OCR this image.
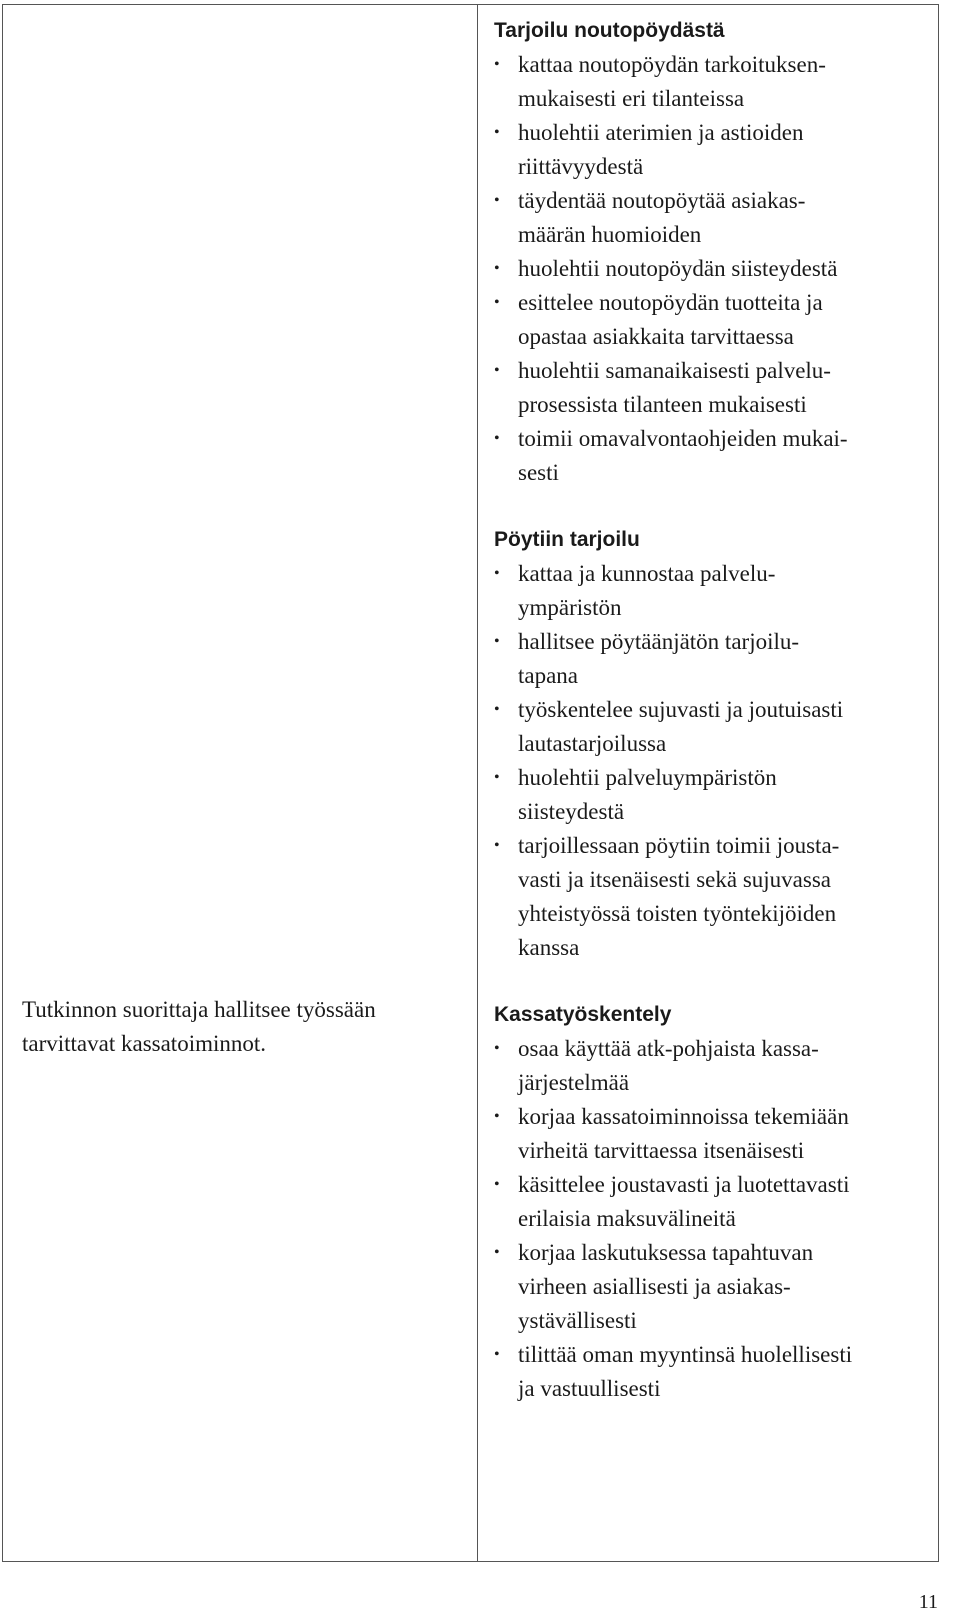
Tutkinnon suorittaja hallitsee työssään tarvittavat kassatoiminnot.
Tarjoilu noutopöydästä
• kattaa noutopöydän tarkoituksen-
mukaisesti eri tilanteissa
• huolehtii aterimien ja astioiden
riittävyydestä
• täydentää noutopöytää asiakas-
määrän huomioiden
• huolehtii noutopöydän siisteydestä
• esittelee noutopöydän tuotteita ja
opastaa asiakkaita tarvittaessa
• huolehtii samanaikaisesti palvelu-
prosessista tilanteen mukaisesti
• toimii omavalvontaohjeiden mukai-
sesti
Pöytiin tarjoilu
• kattaa ja kunnostaa palvelu-
ympäristön
• hallitsee pöytäänjätön tarjoilu-
tapana
• työskentelee sujuvasti ja joutuisasti
lautastarjoilussa
• huolehtii palveluympäristön
siisteydestä
• tarjoillessaan pöytiin toimii jousta-
vasti ja itsenäisesti sekä sujuvassa
yhteistyössä toisten työntekijöiden
kanssa
Kassatyöskentely
• osaa käyttää atk-pohjaista kassa-
järjestelmää
• korjaa kassatoiminnoissa tekemiään
virheitä tarvittaessa itsenäisesti
• käsittelee joustavasti ja luotettavasti
erilaisia maksuvälineitä
• korjaa laskutuksessa tapahtuvan
virheen asiallisesti ja asiakas-
ystävällisesti
• tilittää oman myyntinsä huolellisesti
ja vastuullisesti
11
